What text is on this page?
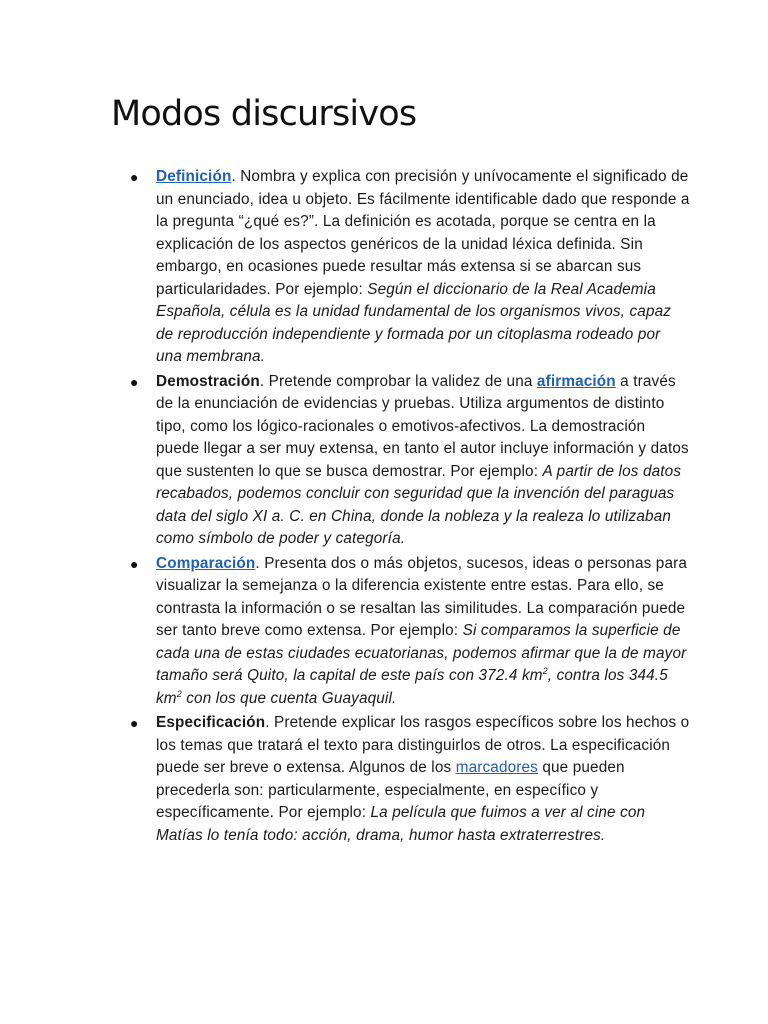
Modos discursivos
● Definición. Nombra y explica con precisión y unívocamente el significado de un enunciado, idea u objeto. Es fácilmente identificable dado que responde a la pregunta “¿qué es?”. La definición es acotada, porque se centra en la explicación de los aspectos genéricos de la unidad léxica definida. Sin embargo, en ocasiones puede resultar más extensa si se abarcan sus particularidades. Por ejemplo: Según el diccionario de la Real Academia Española, célula es la unidad fundamental de los organismos vivos, capaz de reproducción independiente y formada por un citoplasma rodeado por una membrana.
● Demostración. Pretende comprobar la validez de una afirmación a través de la enunciación de evidencias y pruebas. Utiliza argumentos de distinto tipo, como los lógico-racionales o emotivos-afectivos. La demostración puede llegar a ser muy extensa, en tanto el autor incluye información y datos que sustenten lo que se busca demostrar. Por ejemplo: A partir de los datos recabados, podemos concluir con seguridad que la invención del paraguas data del siglo XI a. C. en China, donde la nobleza y la realeza lo utilizaban como símbolo de poder y categoría.
● Comparación. Presenta dos o más objetos, sucesos, ideas o personas para visualizar la semejanza o la diferencia existente entre estas. Para ello, se contrasta la información o se resaltan las similitudes. La comparación puede ser tanto breve como extensa. Por ejemplo: Si comparamos la superficie de cada una de estas ciudades ecuatorianas, podemos afirmar que la de mayor tamaño será Quito, la capital de este país con 372.4 $km^2$, contra los 344.5 $km^2$ con los que cuenta Guayaquil.
● Especificación. Pretende explicar los rasgos específicos sobre los hechos o los temas que tratará el texto para distinguirlos de otros. La especificación puede ser breve o extensa. Algunos de los marcadores que pueden precederla son: particularmente, especialmente, en específico y específicamente. Por ejemplo: La película que fuimos a ver al cine con Matías lo tenía todo: acción, drama, humor hasta extraterrestres.
